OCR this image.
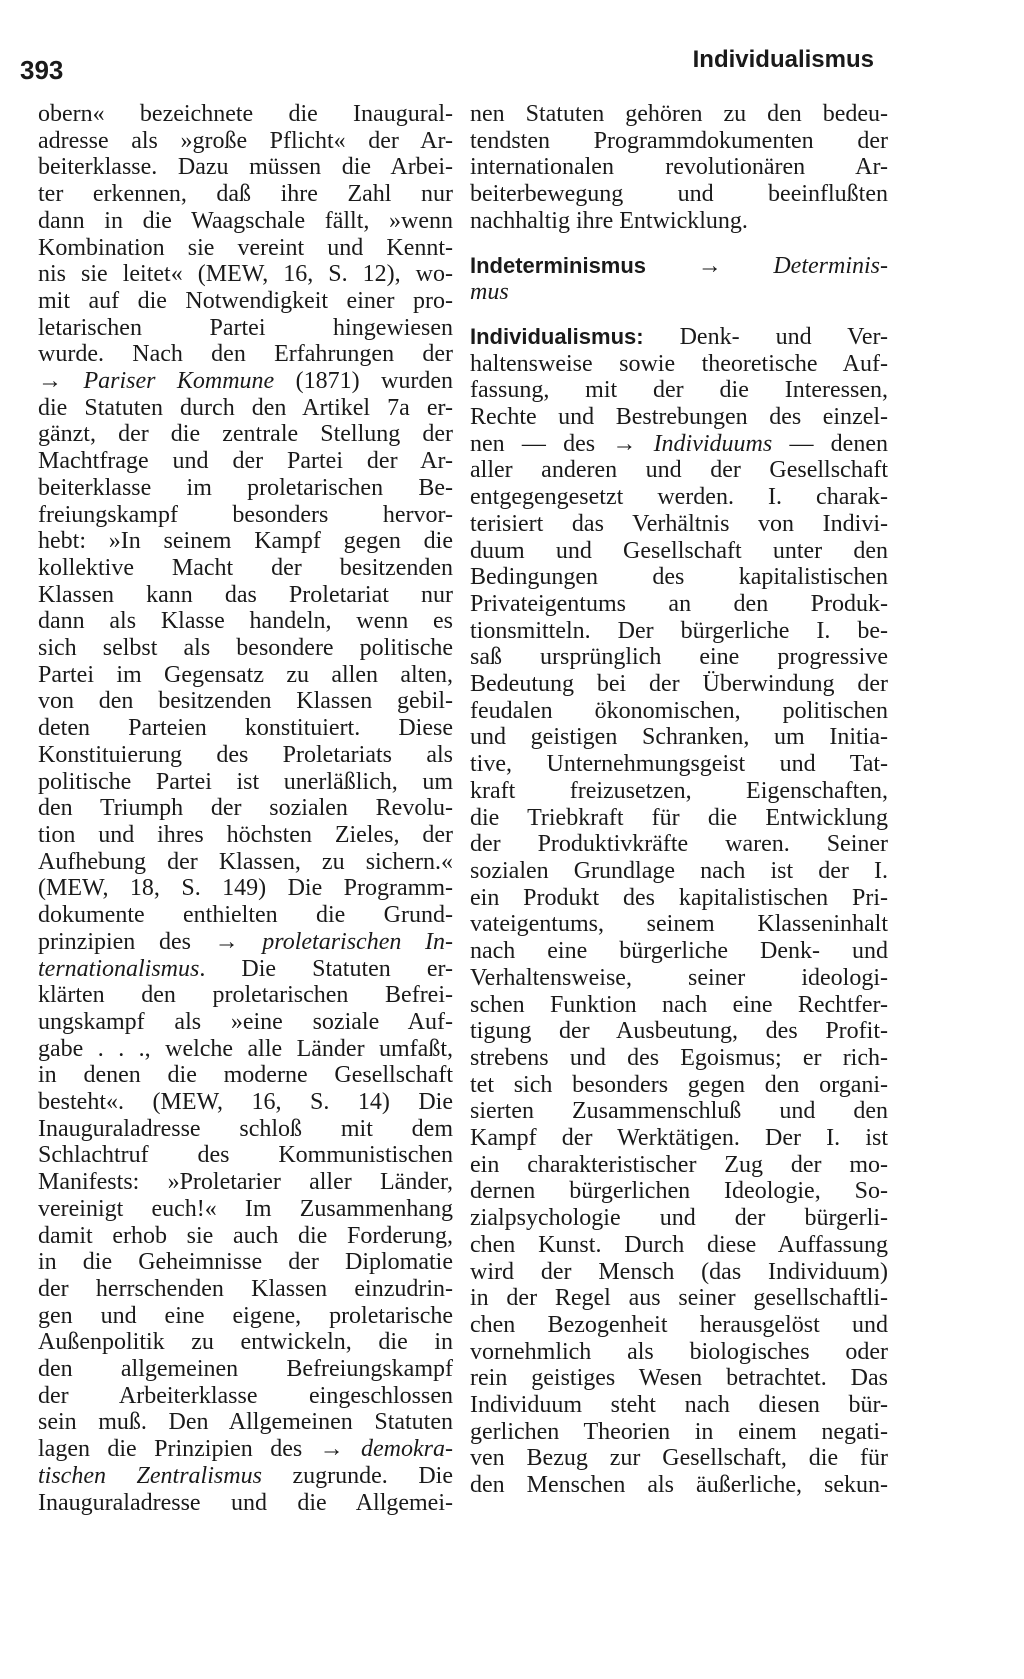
393	Individualismus
obern« bezeichnete die Inaugural-
adresse als »große Pflicht« der Ar-
beiterklasse. Dazu müssen die Arbei-
ter erkennen, daß ihre Zahl nur
dann in die Waagschale fällt, »wenn
Kombination sie vereint und Kennt-
nis sie leitet« (MEW, 16, S. 12), wo-
mit auf die Notwendigkeit einer pro-
letarischen Partei hingewiesen
wurde. Nach den Erfahrungen der
→ Pariser Kommune (1871) wurden
die Statuten durch den Artikel 7a er-
gänzt, der die zentrale Stellung der
Machtfrage und der Partei der Ar-
beiterklasse im proletarischen Be-
freiungskampf besonders hervor-
hebt: »In seinem Kampf gegen die
kollektive Macht der besitzenden
Klassen kann das Proletariat nur
dann als Klasse handeln, wenn es
sich selbst als besondere politische
Partei im Gegensatz zu allen alten,
von den besitzenden Klassen gebil-
deten Parteien konstituiert. Diese
Konstituierung des Proletariats als
politische Partei ist unerläßlich, um
den Triumph der sozialen Revolu-
tion und ihres höchsten Zieles, der
Aufhebung der Klassen, zu sichern.«
(MEW, 18, S. 149) Die Programm-
dokumente enthielten die Grund-
prinzipien des → proletarischen In-
ternationalismus. Die Statuten er-
klärten den proletarischen Befrei-
ungskampf als »eine soziale Auf-
gabe . . ., welche alle Länder umfaßt,
in denen die moderne Gesellschaft
besteht«. (MEW, 16, S. 14) Die
Inauguraladresse schloß mit dem
Schlachtruf des Kommunistischen
Manifests: »Proletarier aller Länder,
vereinigt euch!« Im Zusammenhang
damit erhob sie auch die Forderung,
in die Geheimnisse der Diplomatie
der herrschenden Klassen einzudrin-
gen und eine eigene, proletarische
Außenpolitik zu entwickeln, die in
den allgemeinen Befreiungskampf
der Arbeiterklasse eingeschlossen
sein muß. Den Allgemeinen Statuten
lagen die Prinzipien des → demokra-
tischen Zentralismus zugrunde. Die
Inauguraladresse und die Allgemei-
nen Statuten gehören zu den bedeu-
tendsten Programmdokumenten der
internationalen revolutionären Ar-
beiterbewegung und beeinflußten
nachhaltig ihre Entwicklung.
Indeterminismus → Determinis-
mus
Individualismus: Denk- und Ver-
haltensweise sowie theoretische Auf-
fassung, mit der die Interessen,
Rechte und Bestrebungen des einzel-
nen — des → Individuums — denen
aller anderen und der Gesellschaft
entgegengesetzt werden. I. charak-
terisiert das Verhältnis von Indivi-
duum und Gesellschaft unter den
Bedingungen des kapitalistischen
Privateigentums an den Produk-
tionsmitteln. Der bürgerliche I. be-
saß ursprünglich eine progressive
Bedeutung bei der Überwindung der
feudalen ökonomischen, politischen
und geistigen Schranken, um Initia-
tive, Unternehmungsgeist und Tat-
kraft freizusetzen, Eigenschaften,
die Triebkraft für die Entwicklung
der Produktivkräfte waren. Seiner
sozialen Grundlage nach ist der I.
ein Produkt des kapitalistischen Pri-
vateigentums, seinem Klasseninhalt
nach eine bürgerliche Denk- und
Verhaltensweise, seiner ideologi-
schen Funktion nach eine Rechtfer-
tigung der Ausbeutung, des Profit-
strebens und des Egoismus; er rich-
tet sich besonders gegen den organi-
sierten Zusammenschluß und den
Kampf der Werktätigen. Der I. ist
ein charakteristischer Zug der mo-
dernen bürgerlichen Ideologie, So-
zialpsychologie und der bürgerli-
chen Kunst. Durch diese Auffassung
wird der Mensch (das Individuum)
in der Regel aus seiner gesellschaftli-
chen Bezogenheit herausgelöst und
vornehmlich als biologisches oder
rein geistiges Wesen betrachtet. Das
Individuum steht nach diesen bür-
gerlichen Theorien in einem negati-
ven Bezug zur Gesellschaft, die für
den Menschen als äußerliche, sekun-
